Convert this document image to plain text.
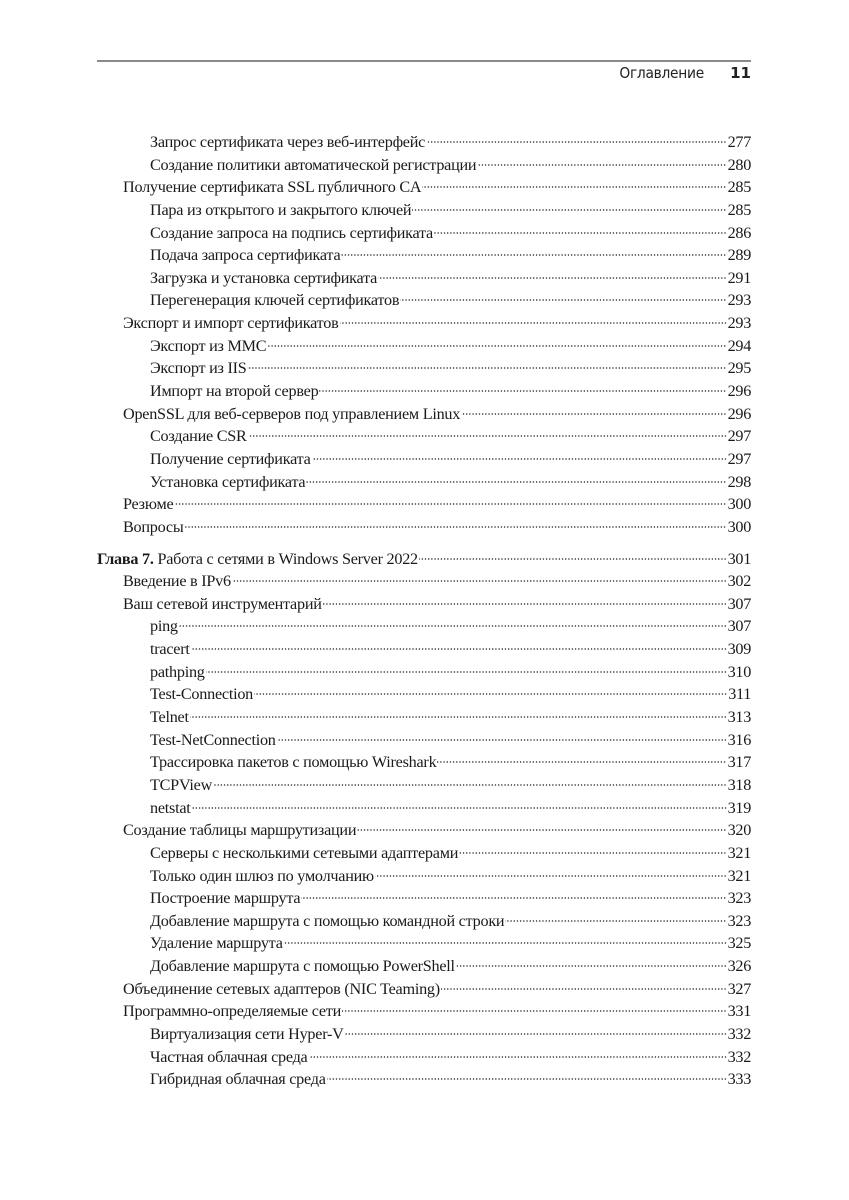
Оглавление 11
Запрос сертификата через веб-интерфейс	277
Создание политики автоматической регистрации	280
Получение сертификата SSL публичного CA	285
Пара из открытого и закрытого ключей	285
Создание запроса на подпись сертификата	286
Подача запроса сертификата	289
Загрузка и установка сертификата	291
Перегенерация ключей сертификатов	293
Экспорт и импорт сертификатов	293
Экспорт из MMC	294
Экспорт из IIS	295
Импорт на второй сервер	296
OpenSSL для веб-серверов под управлением Linux	296
Создание CSR	297
Получение сертификата	297
Установка сертификата	298
Резюме	300
Вопросы	300
Глава 7. Работа с сетями в Windows Server 2022	301
Введение в IPv6	302
Ваш сетевой инструментарий	307
ping	307
tracert	309
pathping	310
Test-Connection	311
Telnet	313
Test-NetConnection	316
Трассировка пакетов с помощью Wireshark	317
TCPView	318
netstat	319
Создание таблицы маршрутизации	320
Серверы с несколькими сетевыми адаптерами	321
Только один шлюз по умолчанию	321
Построение маршрута	323
Добавление маршрута с помощью командной строки	323
Удаление маршрута	325
Добавление маршрута с помощью PowerShell	326
Объединение сетевых адаптеров (NIC Teaming)	327
Программно-определяемые сети	331
Виртуализация сети Hyper-V	332
Частная облачная среда	332
Гибридная облачная среда	333
